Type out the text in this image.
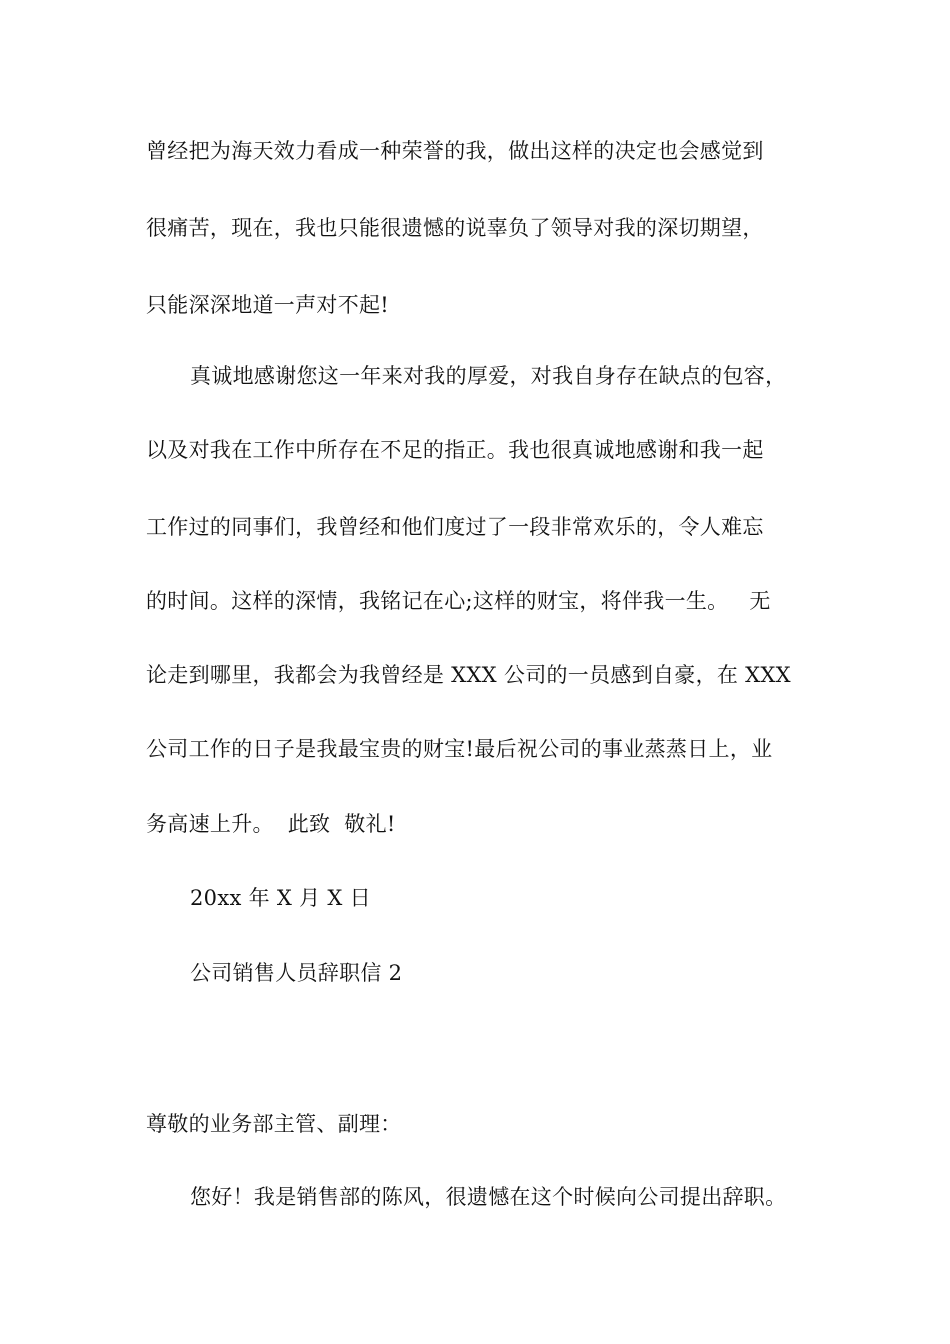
曾经把为海天效力看成一种荣誉的我，做出这样的决定也会感觉到
很痛苦，现在，我也只能很遗憾的说辜负了领导对我的深切期望，
只能深深地道一声对不起!
真诚地感谢您这一年来对我的厚爱，对我自身存在缺点的包容，
以及对我在工作中所存在不足的指正。我也很真诚地感谢和我一起
工作过的同事们，我曾经和他们度过了一段非常欢乐的，令人难忘
的时间。这样的深情，我铭记在心;这样的财宝，将伴我一生。   无
论走到哪里，我都会为我曾经是 XXX 公司的一员感到自豪，在 XXX
公司工作的日子是我最宝贵的财宝!最后祝公司的事业蒸蒸日上，业
务高速上升。  此致  敬礼!
20xx 年 X 月 X 日
公司销售人员辞职信 2
尊敬的业务部主管、副理：
您好！我是销售部的陈风，很遗憾在这个时候向公司提出辞职。
